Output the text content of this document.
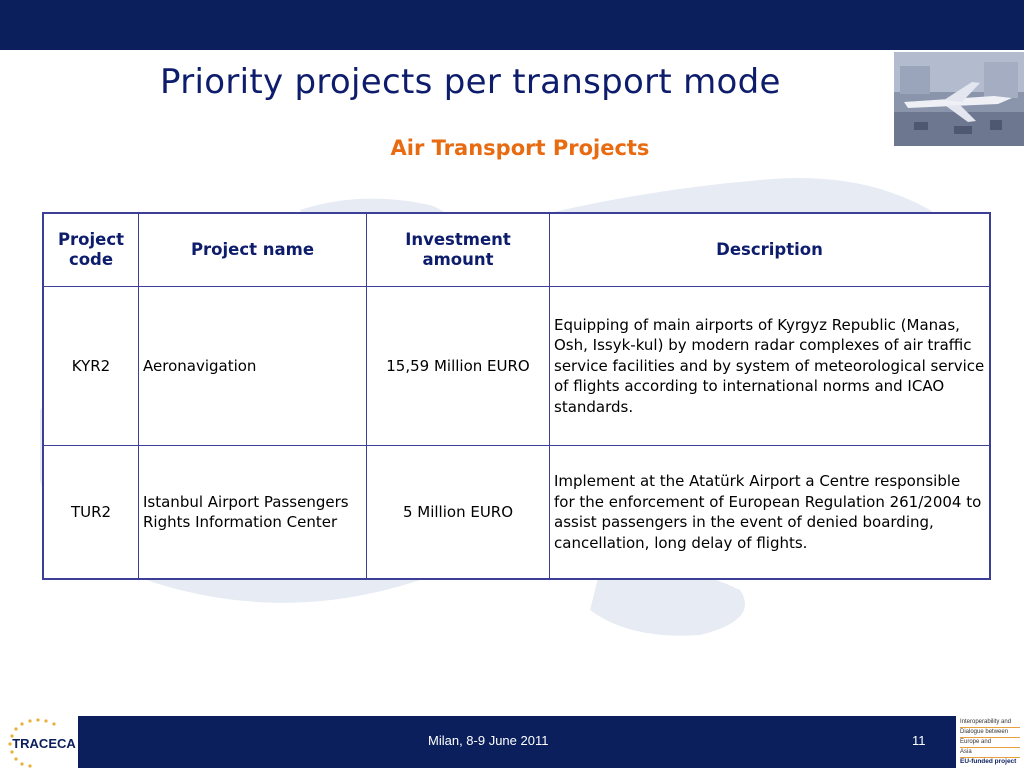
Priority projects per transport mode
Air Transport Projects
Project code	Project name	Investment amount	Description
KYR2	Aeronavigation	15,59 Million EURO	Equipping of main airports of Kyrgyz Republic (Manas, Osh, Issyk-kul) by modern radar complexes of air traffic service facilities and by system of meteorological service of flights according to international norms and ICAO standards.
TUR2	Istanbul Airport Passengers Rights Information Center	5 Million EURO	Implement at the Atatürk Airport a Centre responsible for the enforcement of European Regulation 261/2004 to assist passengers in the event of denied boarding, cancellation, long delay of flights.
TRACECA	Milan, 8-9 June 2011	11
Interoperability and
Dialogue between
Europe and
Asia
EU-funded project
